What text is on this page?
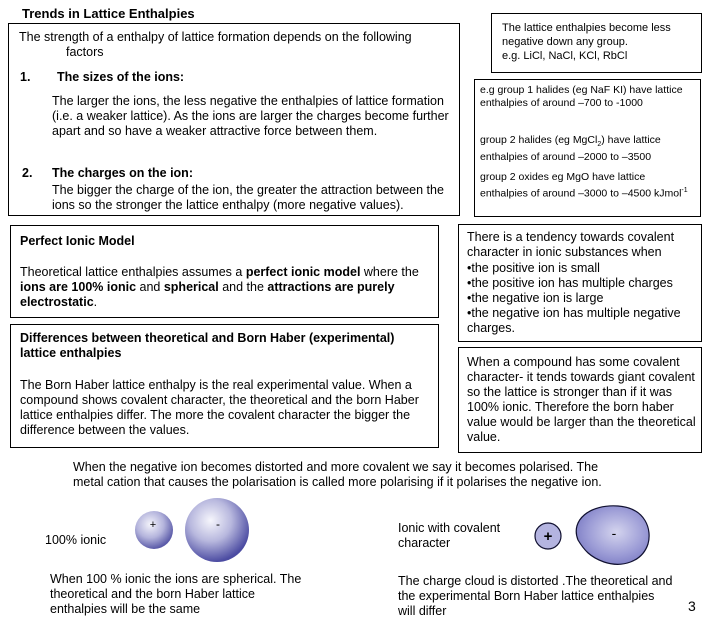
Trends in Lattice Enthalpies
The strength of a enthalpy of lattice formation depends on the following
factors
1. The sizes of the ions:
The larger the ions, the less negative the enthalpies of lattice formation (i.e. a weaker lattice). As the ions are larger the charges become further apart and so have a weaker attractive force between them.
2. The charges on the ion:
The bigger the charge of the ion, the greater the attraction between the ions so the stronger the lattice enthalpy (more negative values).
The lattice enthalpies become less negative down any group.
e.g. LiCl, NaCl, KCl, RbCl
e.g group 1 halides (eg NaF KI) have lattice enthalpies of around –700 to -1000
group 2 halides (eg MgCl$_2$) have lattice enthalpies of around –2000 to –3500
group 2 oxides eg MgO have lattice enthalpies of around –3000 to –4500 kJmol$^{-1}$
Perfect Ionic Model
Theoretical lattice enthalpies assumes a perfect ionic model where the ions are 100% ionic and spherical and the attractions are purely electrostatic.
There is a tendency towards covalent character in ionic substances when
•the positive ion is small
•the positive ion has multiple charges
•the negative ion is large
•the negative ion has multiple negative charges.
Differences between theoretical and Born Haber (experimental) lattice enthalpies
The Born Haber lattice enthalpy is the real experimental value. When a compound shows covalent character, the theoretical and the born Haber lattice enthalpies differ. The more the covalent character the bigger the difference between the values.
When a compound has some covalent character- it tends towards giant covalent so the lattice is stronger than if it was 100% ionic. Therefore the born haber value would be larger than the theoretical value.
When the negative ion becomes distorted and more covalent we say it becomes polarised. The
metal cation that causes the polarisation is called more polarising if it polarises the negative ion.
100% ionic
+	-
When 100 % ionic the ions are spherical. The theoretical and the born Haber lattice enthalpies will be the same
Ionic with covalent character	+	-
The charge cloud is distorted .The theoretical and the experimental Born Haber lattice enthalpies will differ	3
